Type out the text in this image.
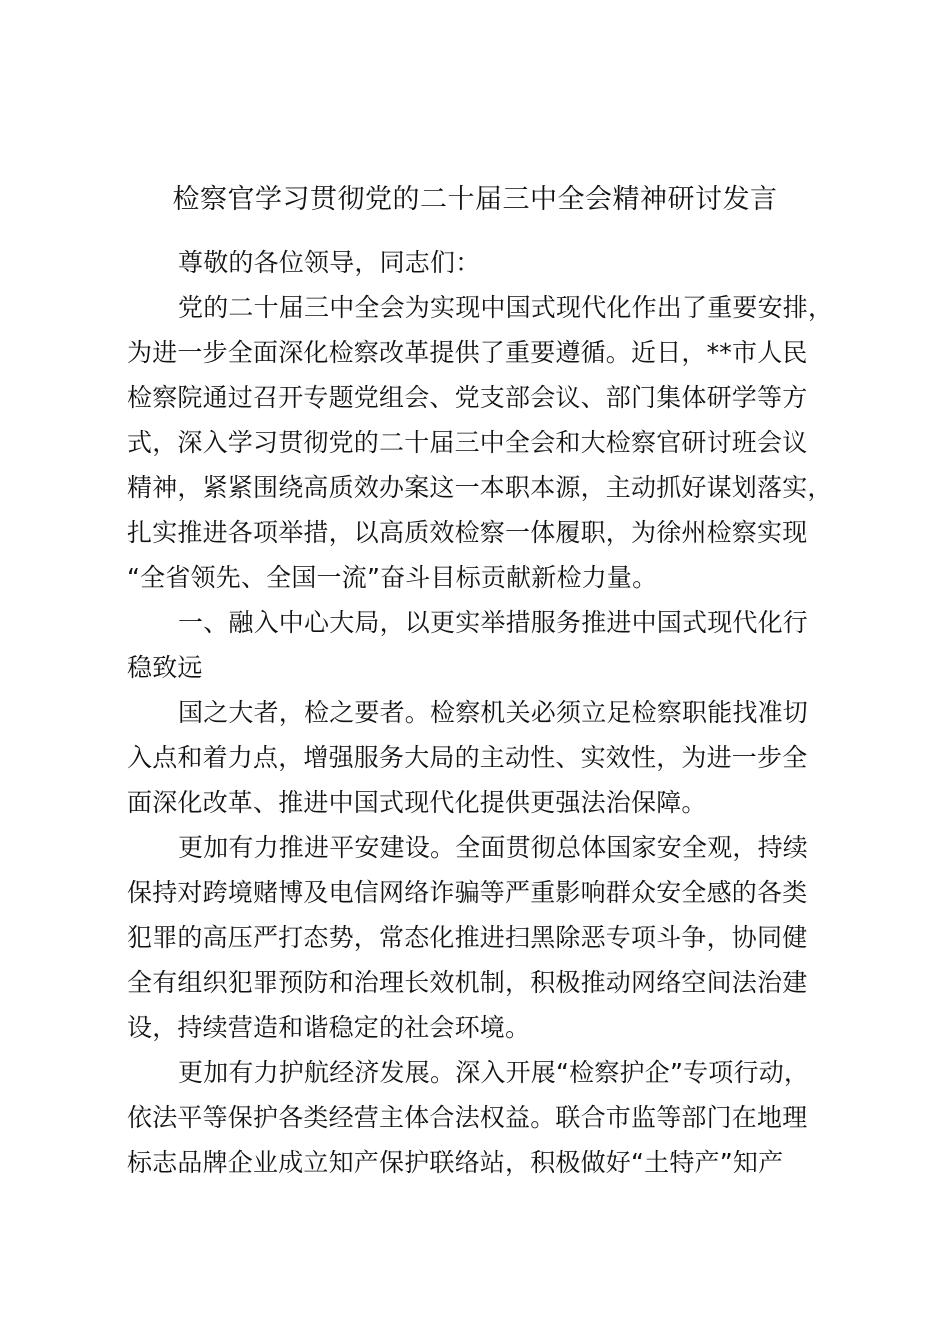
检察官学习贯彻党的二十届三中全会精神研讨发言
尊敬的各位领导，同志们：
党的二十届三中全会为实现中国式现代化作出了重要安排，
为进一步全面深化检察改革提供了重要遵循。近日，**市人民
检察院通过召开专题党组会、党支部会议、部门集体研学等方
式，深入学习贯彻党的二十届三中全会和大检察官研讨班会议
精神，紧紧围绕高质效办案这一本职本源，主动抓好谋划落实，
扎实推进各项举措，以高质效检察一体履职，为徐州检察实现
“全省领先、全国一流”奋斗目标贡献新检力量。
一、融入中心大局，以更实举措服务推进中国式现代化行
稳致远
国之大者，检之要者。检察机关必须立足检察职能找准切
入点和着力点，增强服务大局的主动性、实效性，为进一步全
面深化改革、推进中国式现代化提供更强法治保障。
更加有力推进平安建设。全面贯彻总体国家安全观，持续
保持对跨境赌博及电信网络诈骗等严重影响群众安全感的各类
犯罪的高压严打态势，常态化推进扫黑除恶专项斗争，协同健
全有组织犯罪预防和治理长效机制，积极推动网络空间法治建
设，持续营造和谐稳定的社会环境。
更加有力护航经济发展。深入开展“检察护企”专项行动，
依法平等保护各类经营主体合法权益。联合市监等部门在地理
标志品牌企业成立知产保护联络站，积极做好“土特产”知产
